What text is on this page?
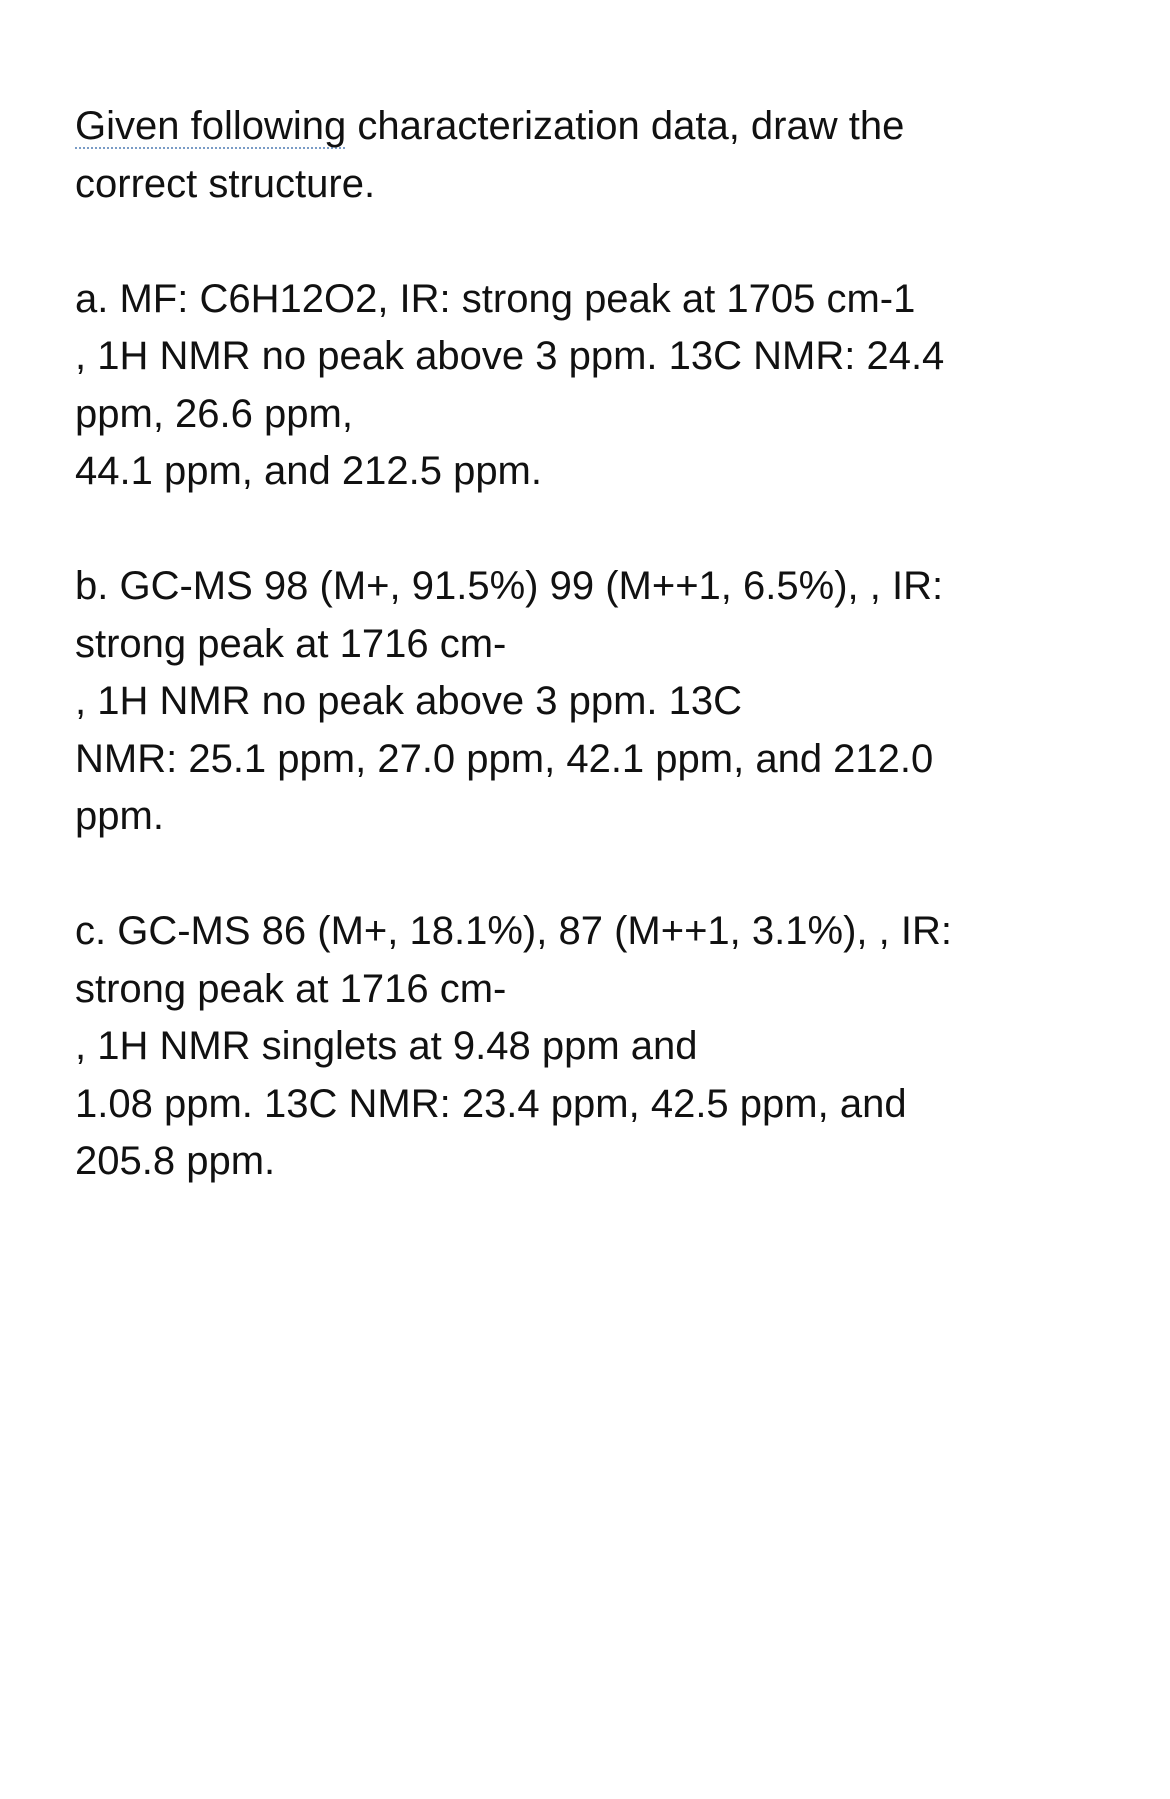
Given following characterization data, draw the
correct structure.
a. MF: C6H12O2, IR: strong peak at 1705 cm-1
, 1H NMR no peak above 3 ppm. 13C NMR: 24.4
ppm, 26.6 ppm,
44.1 ppm, and 212.5 ppm.
b. GC-MS 98 (M+, 91.5%) 99 (M++1, 6.5%), , IR:
strong peak at 1716 cm-
, 1H NMR no peak above 3 ppm. 13C
NMR: 25.1 ppm, 27.0 ppm, 42.1 ppm, and 212.0
ppm.
c. GC-MS 86 (M+, 18.1%), 87 (M++1, 3.1%), , IR:
strong peak at 1716 cm-
, 1H NMR singlets at 9.48 ppm and
1.08 ppm. 13C NMR: 23.4 ppm, 42.5 ppm, and
205.8 ppm.
